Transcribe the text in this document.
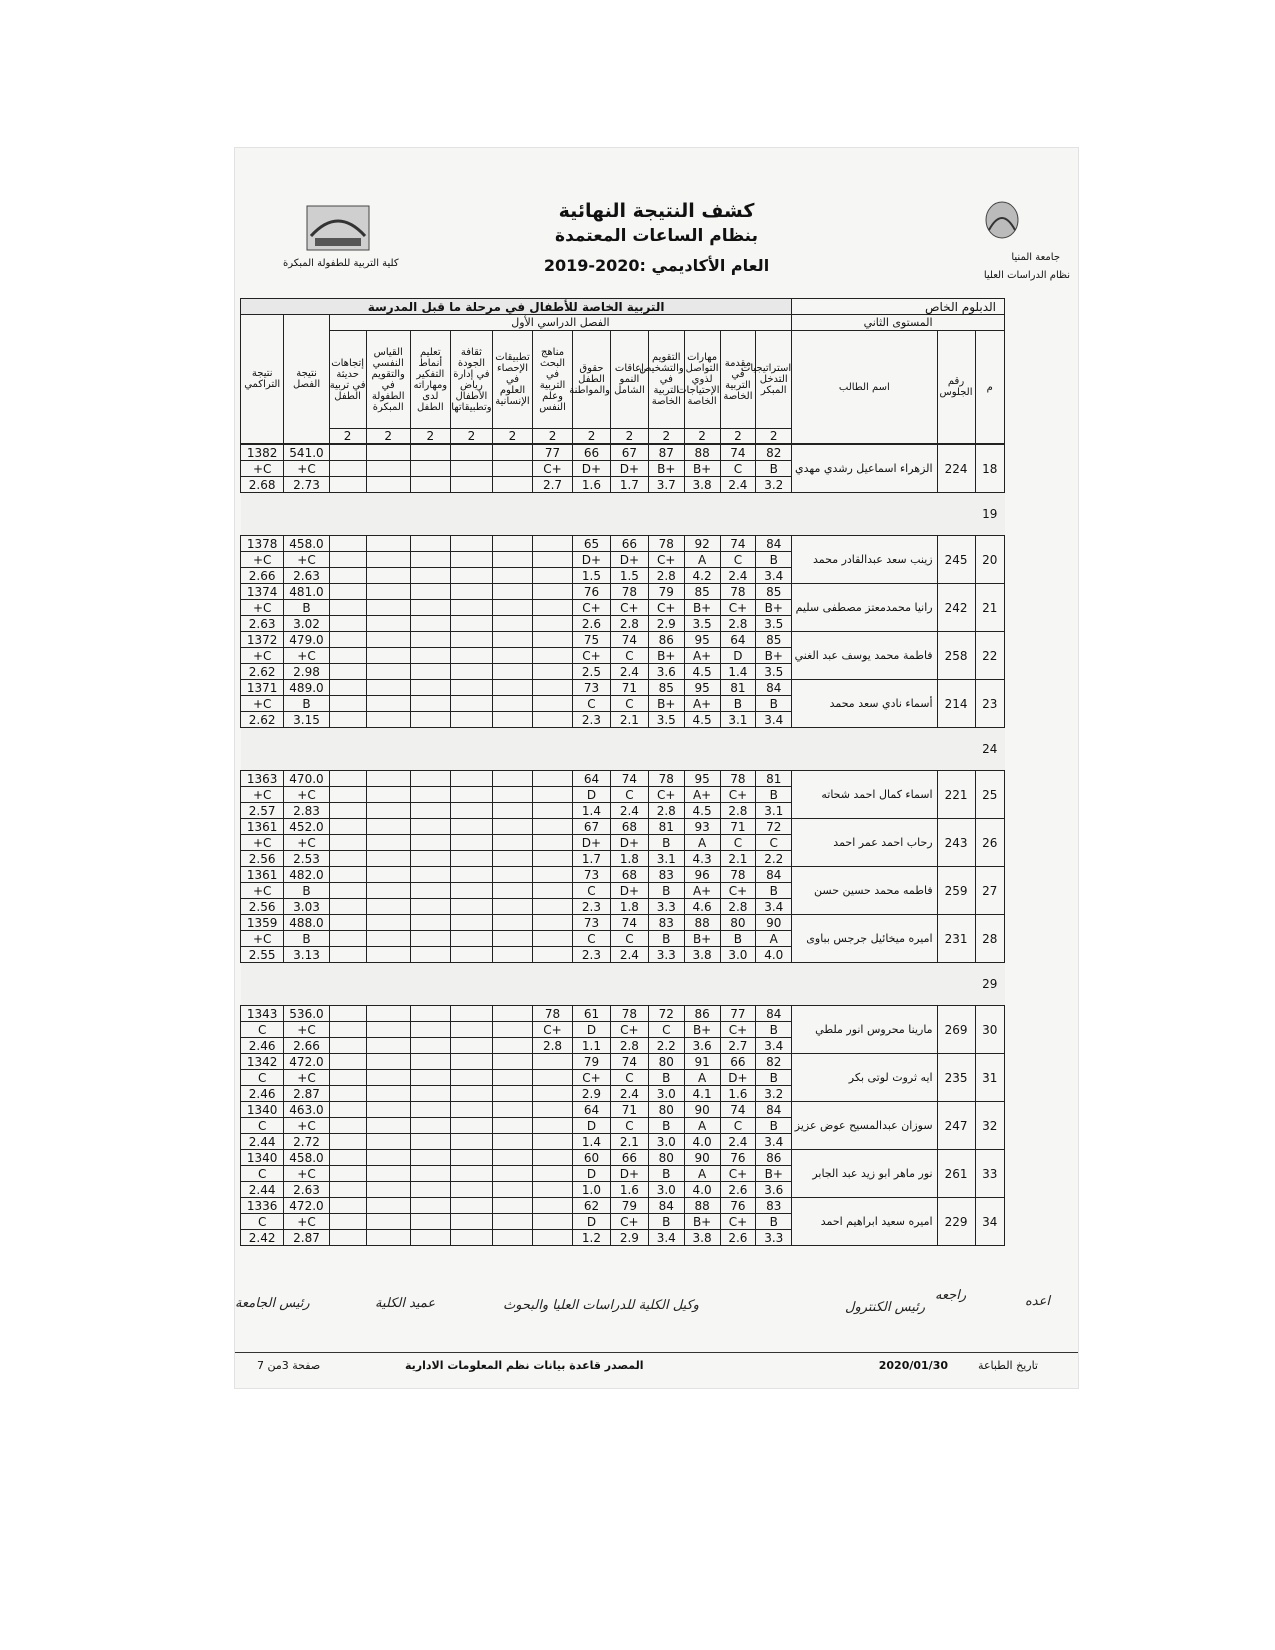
كشف النتيجة النهائية
بنظام الساعات المعتمدة
العام الأكاديمي :2020-2019
كلية التربية للطفولة المبكرة
جامعة المنيا
نظام الدراسات العليا
الدبلوم الخاص			التربية الخاصة للأطفال في مرحلة ما قبل المدرسة													
المستوى الثاني			الفصل الدراسي الأول												نتيجة الفصل	نتيجة التراكمي
م	رقم الجلوس	اسم الطالب	استراتيجيات التدخل المبكر	مقدمة في التربية الخاصة	مهارات التواصل لذوي الإحتياجات الخاصة	التقويم والتشخيص في التربية الخاصة	إعاقات النمو الشامل	حقوق الطفل والمواطنة	مناهج البحث في التربية وعلم النفس	تطبيقات الإحصاء في العلوم الإنسانية	ثقافة الجودة في إدارة رياض الأطفال وتطبيقاتها	تعليم أنماط التفكير ومهاراته لدى الطفل	القياس النفسي والتقويم في الطفولة المبكرة	إتجاهات حديثة في تربية الطفل		
			2	2	2	2	2	2	2	2	2	2	2	2		
18	224	الزهراء اسماعيل رشدي مهدي	82	74	88	87	67	66	77						541.0	1382
			B	C	+B	+B	+D	+D	+C						C+	C+
			3.2	2.4	3.8	3.7	1.7	1.6	2.7						2.73	2.68
19																
20	245	زينب سعد عبدالقادر محمد	84	74	92	78	66	65							458.0	1378
			B	C	A	+C	+D	+D							C+	C+
			3.4	2.4	4.2	2.8	1.5	1.5							2.63	2.66
21	242	رانيا محمدمعتز مصطفى سليم	85	78	85	79	78	76							481.0	1374
			+B	+C	+B	+C	+C	+C							B	C+
			3.5	2.8	3.5	2.9	2.8	2.6							3.02	2.63
22	258	فاطمة محمد يوسف عبد الغني	85	64	95	86	74	75							479.0	1372
			+B	D	+A	+B	C	+C							C+	C+
			3.5	1.4	4.5	3.6	2.4	2.5							2.98	2.62
23	214	أسماء نادي سعد محمد	84	81	95	85	71	73							489.0	1371
			B	B	+A	+B	C	C							B	C+
			3.4	3.1	4.5	3.5	2.1	2.3							3.15	2.62
24																
25	221	اسماء كمال احمد شحاته	81	78	95	78	74	64							470.0	1363
			B	+C	+A	+C	C	D							C+	C+
			3.1	2.8	4.5	2.8	2.4	1.4							2.83	2.57
26	243	رحاب احمد عمر احمد	72	71	93	81	68	67							452.0	1361
			C	C	A	B	+D	+D							C+	C+
			2.2	2.1	4.3	3.1	1.8	1.7							2.53	2.56
27	259	فاطمه محمد حسين حسن	84	78	96	83	68	73							482.0	1361
			B	+C	+A	B	+D	C							B	C+
			3.4	2.8	4.6	3.3	1.8	2.3							3.03	2.56
28	231	اميره ميخائيل جرجس بباوى	90	80	88	83	74	73							488.0	1359
			A	B	+B	B	C	C							B	C+
			4.0	3.0	3.8	3.3	2.4	2.3							3.13	2.55
29																
30	269	مارينا محروس انور ملطي	84	77	86	72	78	61	78						536.0	1343
			B	+C	+B	C	+C	D	+C						C+	C
			3.4	2.7	3.6	2.2	2.8	1.1	2.8						2.66	2.46
31	235	ايه ثروت لوتى بكر	82	66	91	80	74	79							472.0	1342
			B	+D	A	B	C	+C							C+	C
			3.2	1.6	4.1	3.0	2.4	2.9							2.87	2.46
32	247	سوزان عبدالمسيح عوض عزيز	84	74	90	80	71	64							463.0	1340
			B	C	A	B	C	D							C+	C
			3.4	2.4	4.0	3.0	2.1	1.4							2.72	2.44
33	261	نور ماهر ابو زيد عبد الجابر	86	76	90	80	66	60							458.0	1340
			+B	+C	A	B	+D	D							C+	C
			3.6	2.6	4.0	3.0	1.6	1.0							2.63	2.44
34	229	اميره سعيد ابراهيم احمد	83	76	88	84	79	62							472.0	1336
			B	+C	+B	B	+C	D							C+	C
			3.3	2.6	3.8	3.4	2.9	1.2							2.87	2.42
رئيس الكنترول
وكيل الكلية للدراسات العليا والبحوث
عميد الكلية
رئيس الجامعة
راجعه	اعده
تاريخ الطباعة
2020/01/30
المصدر قاعدة بيانات نظم المعلومات الادارية
صفحة 3من 7
